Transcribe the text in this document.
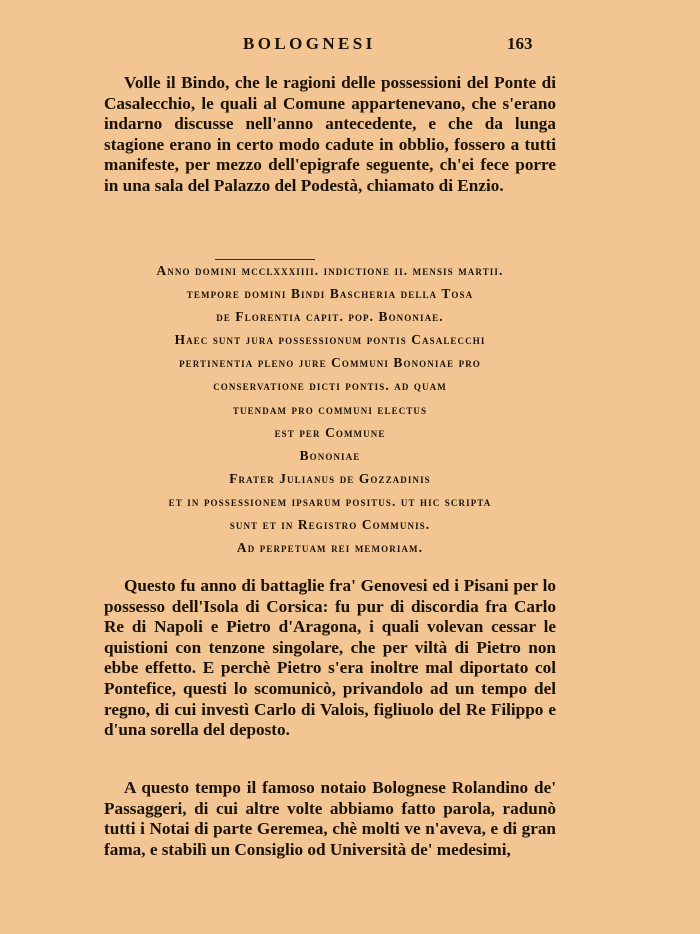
BOLOGNESI	163

Volle il Bindo, che le ragioni delle possessioni del Ponte di Casalecchio, le quali al Comune appartenevano, che s'erano indarno discusse nell'anno antecedente, e che da lunga stagione erano in certo modo cadute in obblio, fossero a tutti manifeste, per mezzo dell'epigrafe seguente, ch'ei fece porre in una sala del Palazzo del Podestà, chiamato di Enzio.

Anno domini mcclxxxiiii. indictione ii. mensis martii.
tempore domini Bindi Bascheria della Tosa
de Florentia capit. pop. Bononiae.
Haec sunt jura possessionum pontis Casalecchi
pertinentia pleno jure Communi Bononiae pro
conservatione dicti pontis. ad quam
tuendam pro communi electus
est per Commune
Bononiae
Frater Julianus de Gozzadinis
et in possessionem ipsarum positus. ut hic scripta
sunt et in Registro Communis.
Ad perpetuam rei memoriam.

Questo fu anno di battaglie fra' Genovesi ed i Pisani per lo possesso dell'Isola di Corsica: fu pur di discordia fra Carlo Re di Napoli e Pietro d'Aragona, i quali volevan cessar le quistioni con tenzone singolare, che per viltà di Pietro non ebbe effetto. E perchè Pietro s'era inoltre mal diportato col Pontefice, questi lo scomunicò, privandolo ad un tempo del regno, di cui investì Carlo di Valois, figliuolo del Re Filippo e d'una sorella del deposto.

A questo tempo il famoso notaio Bolognese Rolandino de' Passaggeri, di cui altre volte abbiamo fatto parola, radunò tutti i Notai di parte Geremea, chè molti ve n'aveva, e di gran fama, e stabilì un Consiglio od Università de' medesimi,
